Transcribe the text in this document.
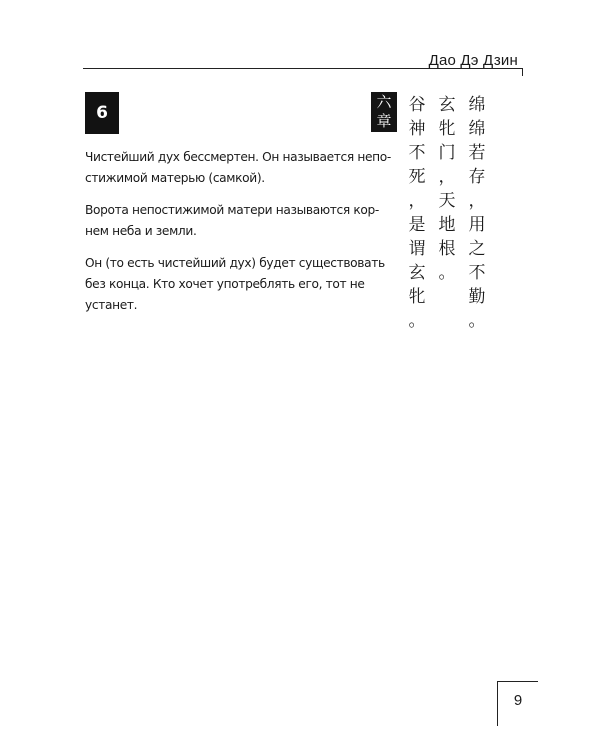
Дао Дэ Дзин
6

Чистейший дух бессмертен. Он называется непо-
стижимой матерью (самкой).

Ворота непостижимой матери называются кор-
нем неба и земли.

Он (то есть чистейший дух) будет существовать
без конца. Кто хочет употреблять его, тот не
устанет.

六
章
谷
神
不
死
，
是
谓
玄
牝
。
玄
牝
门
，
天
地
根
。
绵
绵
若
存
，
用
之
不
勤
。
9
